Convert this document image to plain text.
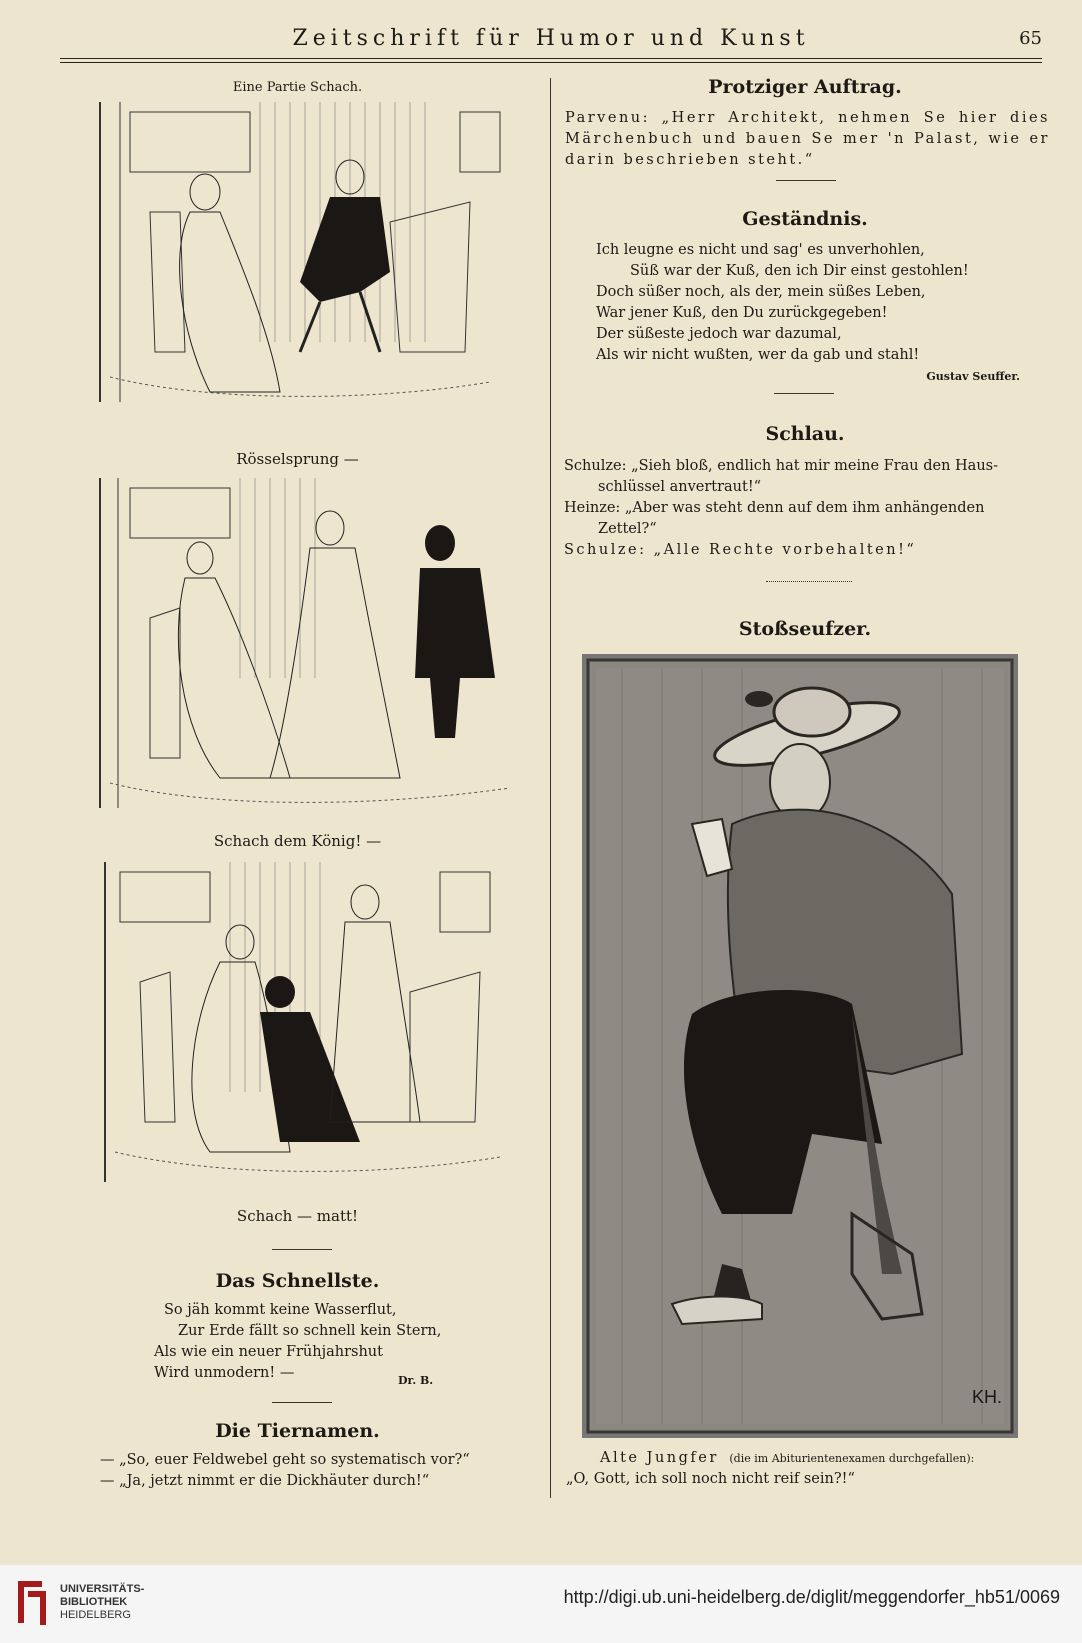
Zeitschrift für Humor und Kunst	65
Eine Partie Schach.
Rösselsprung —
Schach dem König! —
Schach — matt!
Das Schnellste.
So jäh kommt keine Wasserflut,
Zur Erde fällt so schnell kein Stern,
Als wie ein neuer Frühjahrshut
Wird unmodern! —	Dr. B.
Die Tiernamen.
— „So, euer Feldwebel geht so systematisch vor?“
— „Ja, jetzt nimmt er die Dickhäuter durch!“
Protziger Auftrag.
Parvenu: „Herr Architekt, nehmen Se hier dies Märchenbuch und bauen Se mer 'n Palast, wie er darin beschrieben steht.“
Geständnis.
Ich leugne es nicht und sag' es unverhohlen,
Süß war der Kuß, den ich Dir einst gestohlen!
Doch süßer noch, als der, mein süßes Leben,
War jener Kuß, den Du zurückgegeben!
Der süßeste jedoch war dazumal,
Als wir nicht wußten, wer da gab und stahl!
Gustav Seuffer.
Schlau.
Schulze: „Sieh bloß, endlich hat mir meine Frau den Haus-
schlüssel anvertraut!“
Heinze: „Aber was steht denn auf dem ihm anhängenden
Zettel?“
Schulze: „Alle Rechte vorbehalten!“
Stoßseufzer.
KH.
Alte Jungfer (die im Abiturientenexamen durchgefallen):
„O, Gott, ich soll noch nicht reif sein?!“
UNIVERSITÄTS-
BIBLIOTHEK
HEIDELBERG
http://digi.ub.uni-heidelberg.de/diglit/meggendorfer_hb51/0069
